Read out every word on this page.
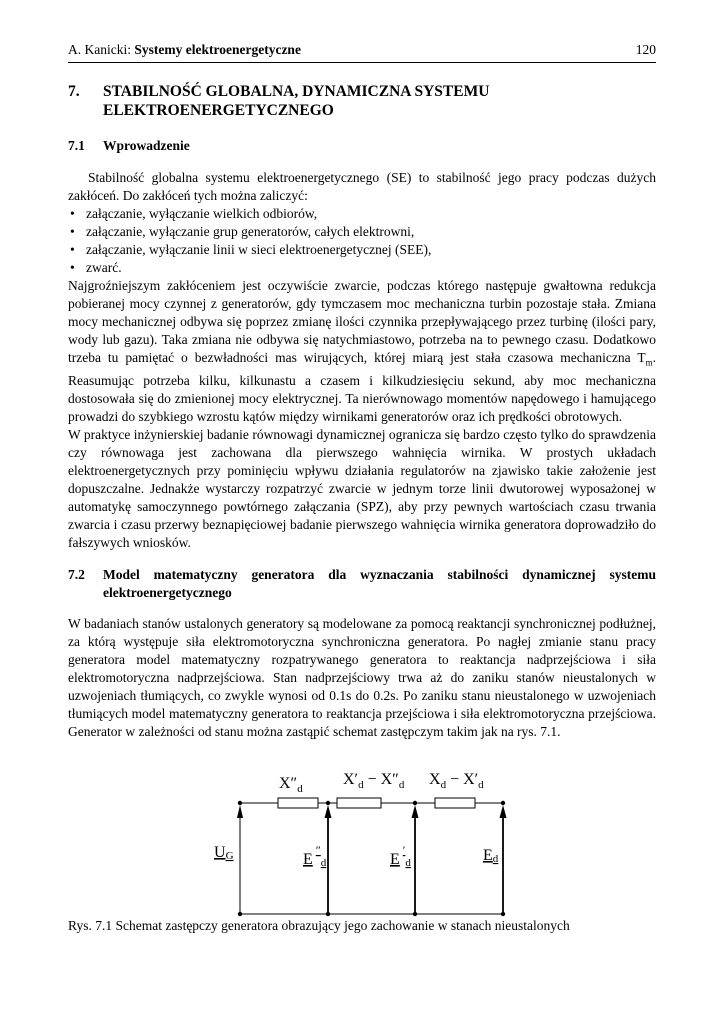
A. Kanicki: Systemy elektroenergetyczne	120
7. STABILNOŚĆ GLOBALNA, DYNAMICZNA SYSTEMU ELEKTROENERGETYCZNEGO
7.1 Wprowadzenie

Stabilność globalna systemu elektroenergetycznego (SE) to stabilność jego pracy podczas dużych zakłóceń. Do zakłóceń tych można zaliczyć:

• załączanie, wyłączanie wielkich odbiorów,
• załączanie, wyłączanie grup generatorów, całych elektrowni,
• załączanie, wyłączanie linii w sieci elektroenergetycznej (SEE),
• zwarć.

Najgroźniejszym zakłóceniem jest oczywiście zwarcie, podczas którego następuje gwałtowna redukcja pobieranej mocy czynnej z generatorów, gdy tymczasem moc mechaniczna turbin pozostaje stała. Zmiana mocy mechanicznej odbywa się poprzez zmianę ilości czynnika przepływającego przez turbinę (ilości pary, wody lub gazu). Taka zmiana nie odbywa się natychmiastowo, potrzeba na to pewnego czasu. Dodatkowo trzeba tu pamiętać o bezwładności mas wirujących, której miarą jest stała czasowa mechaniczna $T_m$. Reasumując potrzeba kilku, kilkunastu a czasem i kilkudziesięciu sekund, aby moc mechaniczna dostosowała się do zmienionej mocy elektrycznej. Ta nierównowago momentów napędowego i hamującego prowadzi do szybkiego wzrostu kątów między wirnikami generatorów oraz ich prędkości obrotowych.

W praktyce inżynierskiej badanie równowagi dynamicznej ogranicza się bardzo często tylko do sprawdzenia czy równowaga jest zachowana dla pierwszego wahnięcia wirnika. W prostych układach elektroenergetycznych przy pominięciu wpływu działania regulatorów na zjawisko takie założenie jest dopuszczalne. Jednakże wystarczy rozpatrzyć zwarcie w jednym torze linii dwutorowej wyposażonej w automatykę samoczynnego powtórnego załączania (SPZ), aby przy pewnych wartościach czasu trwania zwarcia i czasu przerwy beznapięciowej badanie pierwszego wahnięcia wirnika generatora doprowadziło do fałszywych wniosków.

7.2 Model matematyczny generatora dla wyznaczania stabilności dynamicznej systemu elektroenergetycznego

W badaniach stanów ustalonych generatory są modelowane za pomocą reaktancji synchronicznej podłużnej, za którą występuje siła elektromotoryczna synchroniczna generatora. Po nagłej zmianie stanu pracy generatora model matematyczny rozpatrywanego generatora to reaktancja nadprzejściowa i siła elektromotoryczna nadprzejściowa. Stan nadprzejściowy trwa aż do zaniku stanów nieustalonych w uzwojeniach tłumiących, co zwykle wynosi od 0.1s do 0.2s. Po zaniku stanu nieustalonego w uzwojeniach tłumiących model matematyczny generatora to reaktancja przejściowa i siła elektromotoryczna przejściowa. Generator w zależności od stanu można zastąpić schemat zastępczym takim jak na rys. 7.1.

$X''_d$
$X'_d - X''_d$ $X_d - X'_d$
UG	$E''_d$	$E'_d$	Ed
Rys. 7.1 Schemat zastępczy generatora obrazujący jego zachowanie w stanach nieustalonych
